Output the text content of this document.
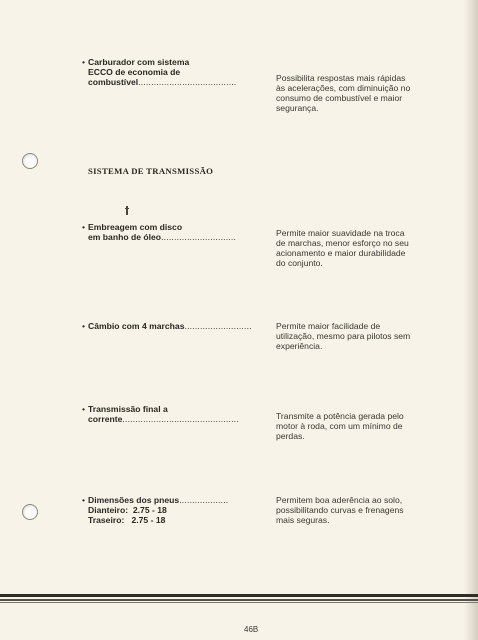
• Carburador com sistema
ECCO de economia de
combustível......................................	Possibilita respostas mais rápidas
às acelerações, com diminuição no
consumo de combustível e maior
segurança.
SISTEMA DE TRANSMISSÃO
• Embreagem com disco
em banho de óleo.............................	Permite maior suavidade na troca
de marchas, menor esforço no seu
acionamento e maior durabilidade
do conjunto.
• Câmbio com 4 marchas..........................	Permite maior facilidade de
utilização, mesmo para pilotos sem
experiência.
• Transmissão final a
corrente.............................................	Transmite a potência gerada pelo
motor à roda, com um mínimo de
perdas.
• Dimensões dos pneus...................
Dianteiro:  2.75 - 18
Traseiro:   2.75 - 18
Permitem boa aderência ao solo,
possibilitando curvas e frenagens
mais seguras.
46B
